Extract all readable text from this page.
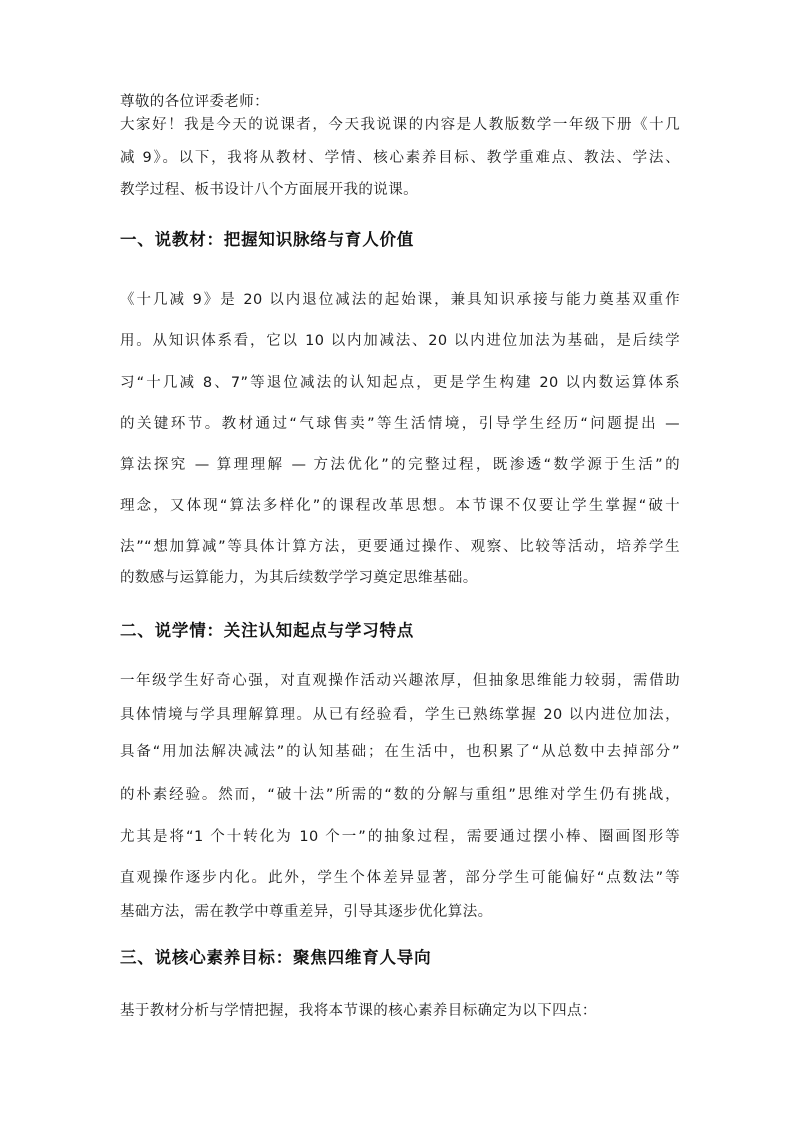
尊敬的各位评委老师：
大家好！我是今天的说课者，今天我说课的内容是人教版数学一年级下册《十几
减 9》。以下，我将从教材、学情、核心素养目标、教学重难点、教法、学法、
教学过程、板书设计八个方面展开我的说课。
一、说教材：把握知识脉络与育人价值
《十几减 9》是 20 以内退位减法的起始课，兼具知识承接与能力奠基双重作
用。从知识体系看，它以 10 以内加减法、20 以内进位加法为基础，是后续学
习“十几减 8、7”等退位减法的认知起点，更是学生构建 20 以内数运算体系
的关键环节。教材通过“气球售卖”等生活情境，引导学生经历“问题提出 —
算法探究 — 算理理解 — 方法优化”的完整过程，既渗透“数学源于生活”的
理念，又体现“算法多样化”的课程改革思想。本节课不仅要让学生掌握“破十
法”“想加算减”等具体计算方法，更要通过操作、观察、比较等活动，培养学生
的数感与运算能力，为其后续数学学习奠定思维基础。
二、说学情：关注认知起点与学习特点
一年级学生好奇心强，对直观操作活动兴趣浓厚，但抽象思维能力较弱，需借助
具体情境与学具理解算理。从已有经验看，学生已熟练掌握 20 以内进位加法，
具备“用加法解决减法”的认知基础；在生活中，也积累了“从总数中去掉部分”
的朴素经验。然而，“破十法”所需的“数的分解与重组”思维对学生仍有挑战，
尤其是将“1 个十转化为 10 个一”的抽象过程，需要通过摆小棒、圈画图形等
直观操作逐步内化。此外，学生个体差异显著，部分学生可能偏好“点数法”等
基础方法，需在教学中尊重差异，引导其逐步优化算法。
三、说核心素养目标：聚焦四维育人导向
基于教材分析与学情把握，我将本节课的核心素养目标确定为以下四点：
